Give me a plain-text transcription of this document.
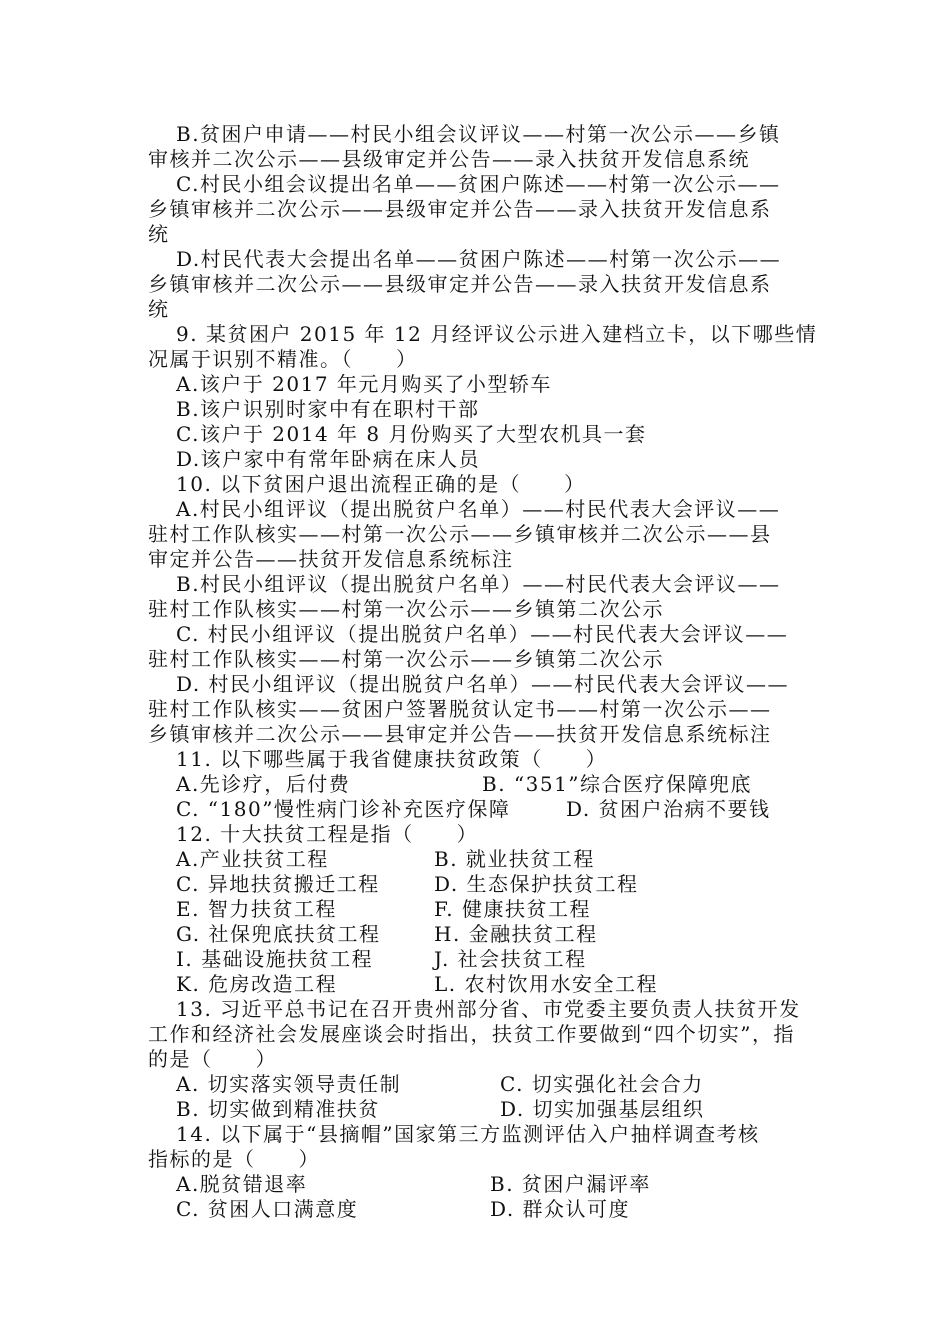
B.贫困户申请——村民小组会议评议——村第一次公示——乡镇
审核并二次公示——县级审定并公告——录入扶贫开发信息系统
C.村民小组会议提出名单——贫困户陈述——村第一次公示——
乡镇审核并二次公示——县级审定并公告——录入扶贫开发信息系
统
D.村民代表大会提出名单——贫困户陈述——村第一次公示——
乡镇审核并二次公示——县级审定并公告——录入扶贫开发信息系
统
9. 某贫困户 2015 年 12 月经评议公示进入建档立卡，以下哪些情
况属于识别不精准。（　　）
A.该户于 2017 年元月购买了小型轿车
B.该户识别时家中有在职村干部
C.该户于 2014 年 8 月份购买了大型农机具一套
D.该户家中有常年卧病在床人员
10. 以下贫困户退出流程正确的是（　　）
A.村民小组评议（提出脱贫户名单）——村民代表大会评议——
驻村工作队核实——村第一次公示——乡镇审核并二次公示——县
审定并公告——扶贫开发信息系统标注
B.村民小组评议（提出脱贫户名单）——村民代表大会评议——
驻村工作队核实——村第一次公示——乡镇第二次公示
C. 村民小组评议（提出脱贫户名单）——村民代表大会评议——
驻村工作队核实——村第一次公示——乡镇第二次公示
D. 村民小组评议（提出脱贫户名单）——村民代表大会评议——
驻村工作队核实——贫困户签署脱贫认定书——村第一次公示——
乡镇审核并二次公示——县审定并公告——扶贫开发信息系统标注
11. 以下哪些属于我省健康扶贫政策（　　）
A.先诊疗，后付费	B. “351”综合医疗保障兜底
C. “180”慢性病门诊补充医疗保障	D. 贫困户治病不要钱
12. 十大扶贫工程是指（　　）
A.产业扶贫工程	B. 就业扶贫工程
C. 异地扶贫搬迁工程	D. 生态保护扶贫工程
E. 智力扶贫工程	F. 健康扶贫工程
G. 社保兜底扶贫工程	H. 金融扶贫工程
I. 基础设施扶贫工程	J. 社会扶贫工程
K. 危房改造工程	L. 农村饮用水安全工程
13. 习近平总书记在召开贵州部分省、市党委主要负责人扶贫开发
工作和经济社会发展座谈会时指出，扶贫工作要做到“四个切实”，指
的是（　　）
A. 切实落实领导责任制	C. 切实强化社会合力
B. 切实做到精准扶贫	D. 切实加强基层组织
14. 以下属于“县摘帽”国家第三方监测评估入户抽样调查考核
指标的是（　　）
A.脱贫错退率	B. 贫困户漏评率
C. 贫困人口满意度	D. 群众认可度
